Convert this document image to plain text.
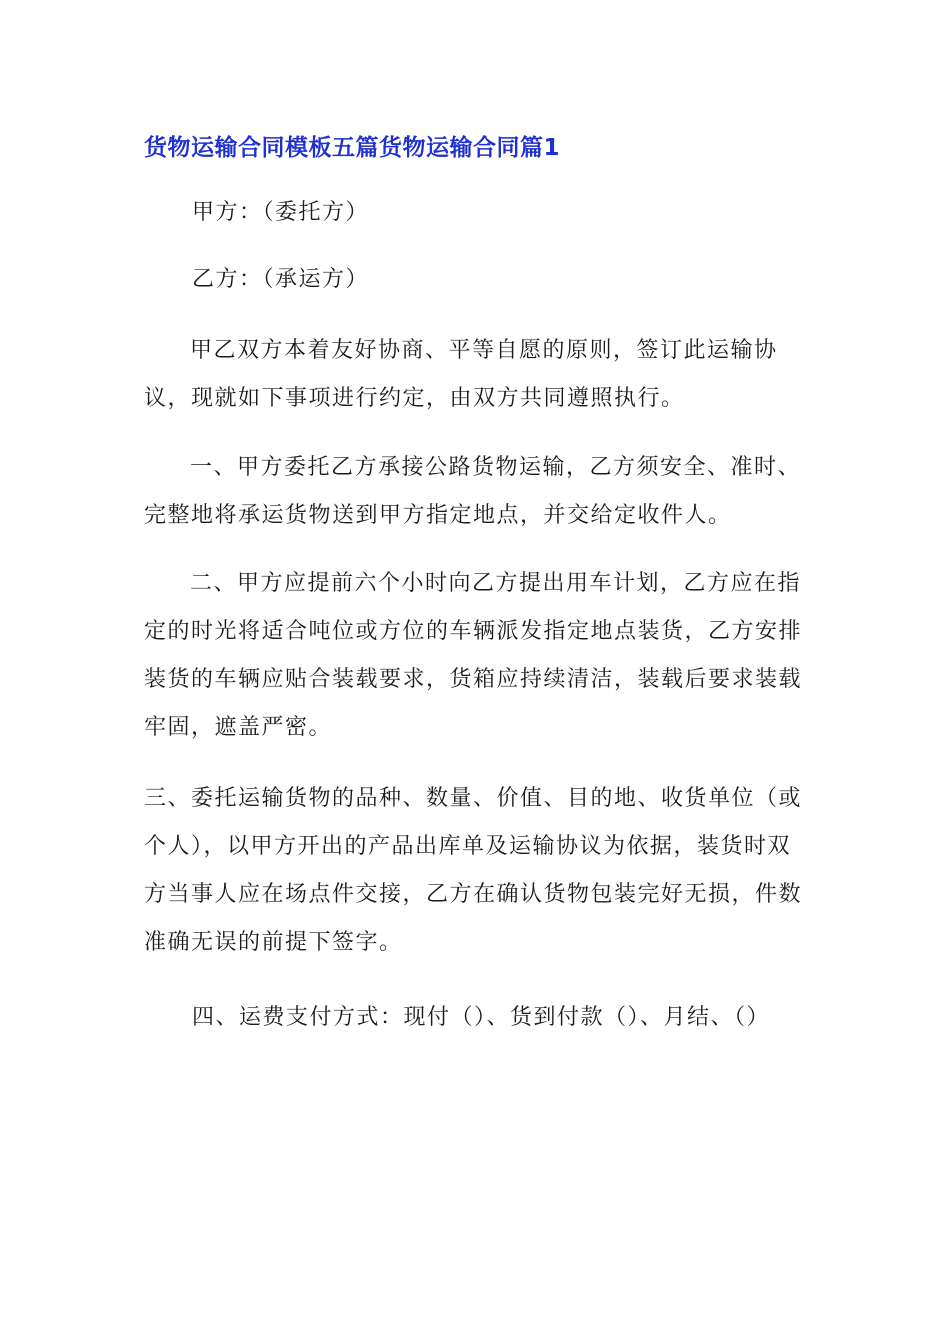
货物运输合同模板五篇货物运输合同篇1
甲方：（委托方）
乙方：（承运方）

甲乙双方本着友好协商、平等自愿的原则，签订此运输协议，现就如下事项进行约定，由双方共同遵照执行。

一、甲方委托乙方承接公路货物运输，乙方须安全、准时、完整地将承运货物送到甲方指定地点，并交给定收件人。

二、甲方应提前六个小时向乙方提出用车计划，乙方应在指定的时光将适合吨位或方位的车辆派发指定地点装货，乙方安排装货的车辆应贴合装载要求，货箱应持续清洁，装载后要求装载牢固，遮盖严密。

三、委托运输货物的品种、数量、价值、目的地、收货单位（或个人），以甲方开出的产品出库单及运输协议为依据，装货时双方当事人应在场点件交接，乙方在确认货物包装完好无损，件数准确无误的前提下签字。

四、运费支付方式：现付（）、货到付款（）、月结、（）
